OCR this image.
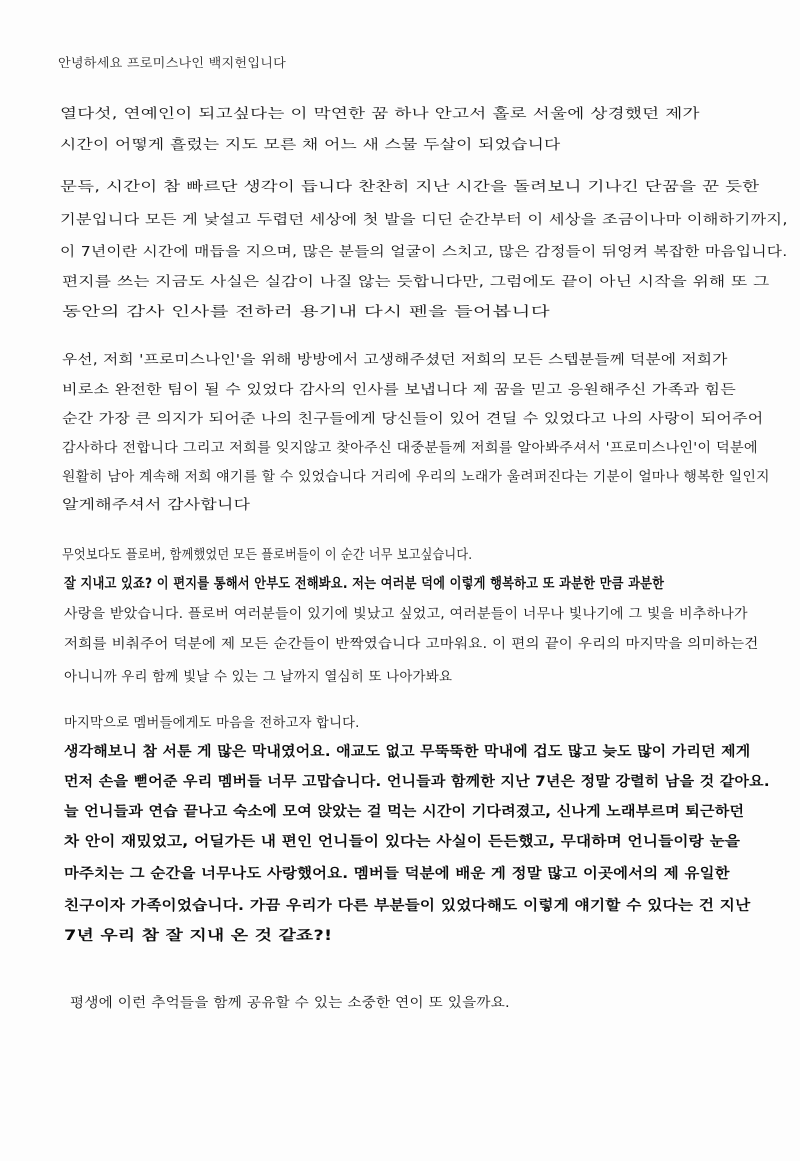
안녕하세요 프로미스나인 백지헌입니다
열다섯, 연예인이 되고싶다는 이 막연한 꿈 하나 안고서 홀로 서울에 상경했던 제가
시간이 어떻게 흘렀는 지도 모른 채 어느 새 스물 두살이 되었습니다
문득, 시간이 참 빠르단 생각이 듭니다 찬찬히 지난 시간을 돌려보니 기나긴 단꿈을 꾼 듯한
기분입니다 모든 게 낯설고 두렵던 세상에 첫 발을 디딘 순간부터 이 세상을 조금이나마 이해하기까지,
이 7년이란 시간에 매듭을 지으며, 많은 분들의 얼굴이 스치고, 많은 감정들이 뒤엉켜 복잡한 마음입니다.
편지를 쓰는 지금도 사실은 실감이 나질 않는 듯합니다만, 그럼에도 끝이 아닌 시작을 위해 또 그
동안의 감사 인사를 전하러 용기내 다시 펜을 들어봅니다
우선, 저희 '프로미스나인'을 위해 방방에서 고생해주셨던 저희의 모든 스텝분들께 덕분에 저희가
비로소 완전한 팀이 될 수 있었다 감사의 인사를 보냅니다 제 꿈을 믿고 응원해주신 가족과 힘든
순간 가장 큰 의지가 되어준 나의 친구들에게 당신들이 있어 견딜 수 있었다고 나의 사랑이 되어주어
감사하다 전합니다 그리고 저희를 잊지않고 찾아주신 대중분들께 저희를 알아봐주셔서 '프로미스나인'이 덕분에
원활히 남아 계속해 저희 얘기를 할 수 있었습니다 거리에 우리의 노래가 울려퍼진다는 기분이 얼마나 행복한 일인지
알게해주셔서 감사합니다
무엇보다도 플로버, 함께했었던 모든 플로버들이 이 순간 너무 보고싶습니다.
잘 지내고 있죠? 이 편지를 통해서 안부도 전해봐요. 저는 여러분 덕에 이렇게 행복하고 또 과분한 만큼 과분한
사랑을 받았습니다. 플로버 여러분들이 있기에 빛났고 싶었고, 여러분들이 너무나 빛나기에 그 빛을 비추하나가
저희를 비춰주어 덕분에 제 모든 순간들이 반짝였습니다 고마워요. 이 편의 끝이 우리의 마지막을 의미하는건
아니니까 우리 함께 빛날 수 있는 그 날까지 열심히 또 나아가봐요
마지막으로 멤버들에게도 마음을 전하고자 합니다.
생각해보니 참 서툰 게 많은 막내였어요. 애교도 없고 무뚝뚝한 막내에 겁도 많고 늦도 많이 가리던 제게
먼저 손을 뻗어준 우리 멤버들 너무 고맙습니다. 언니들과 함께한 지난 7년은 정말 강렬히 남을 것 같아요.
늘 언니들과 연습 끝나고 숙소에 모여 앉았는 걸 먹는 시간이 기다려졌고, 신나게 노래부르며 퇴근하던
차 안이 재밌었고, 어딜가든 내 편인 언니들이 있다는 사실이 든든했고, 무대하며 언니들이랑 눈을
마주치는 그 순간을 너무나도 사랑했어요. 멤버들 덕분에 배운 게 정말 많고 이곳에서의 제 유일한
친구이자 가족이었습니다. 가끔 우리가 다른 부분들이 있었다해도 이렇게 얘기할 수 있다는 건 지난
7년 우리 참 잘 지내 온 것 같죠?!
평생에 이런 추억들을 함께 공유할 수 있는 소중한 연이 또 있을까요.
